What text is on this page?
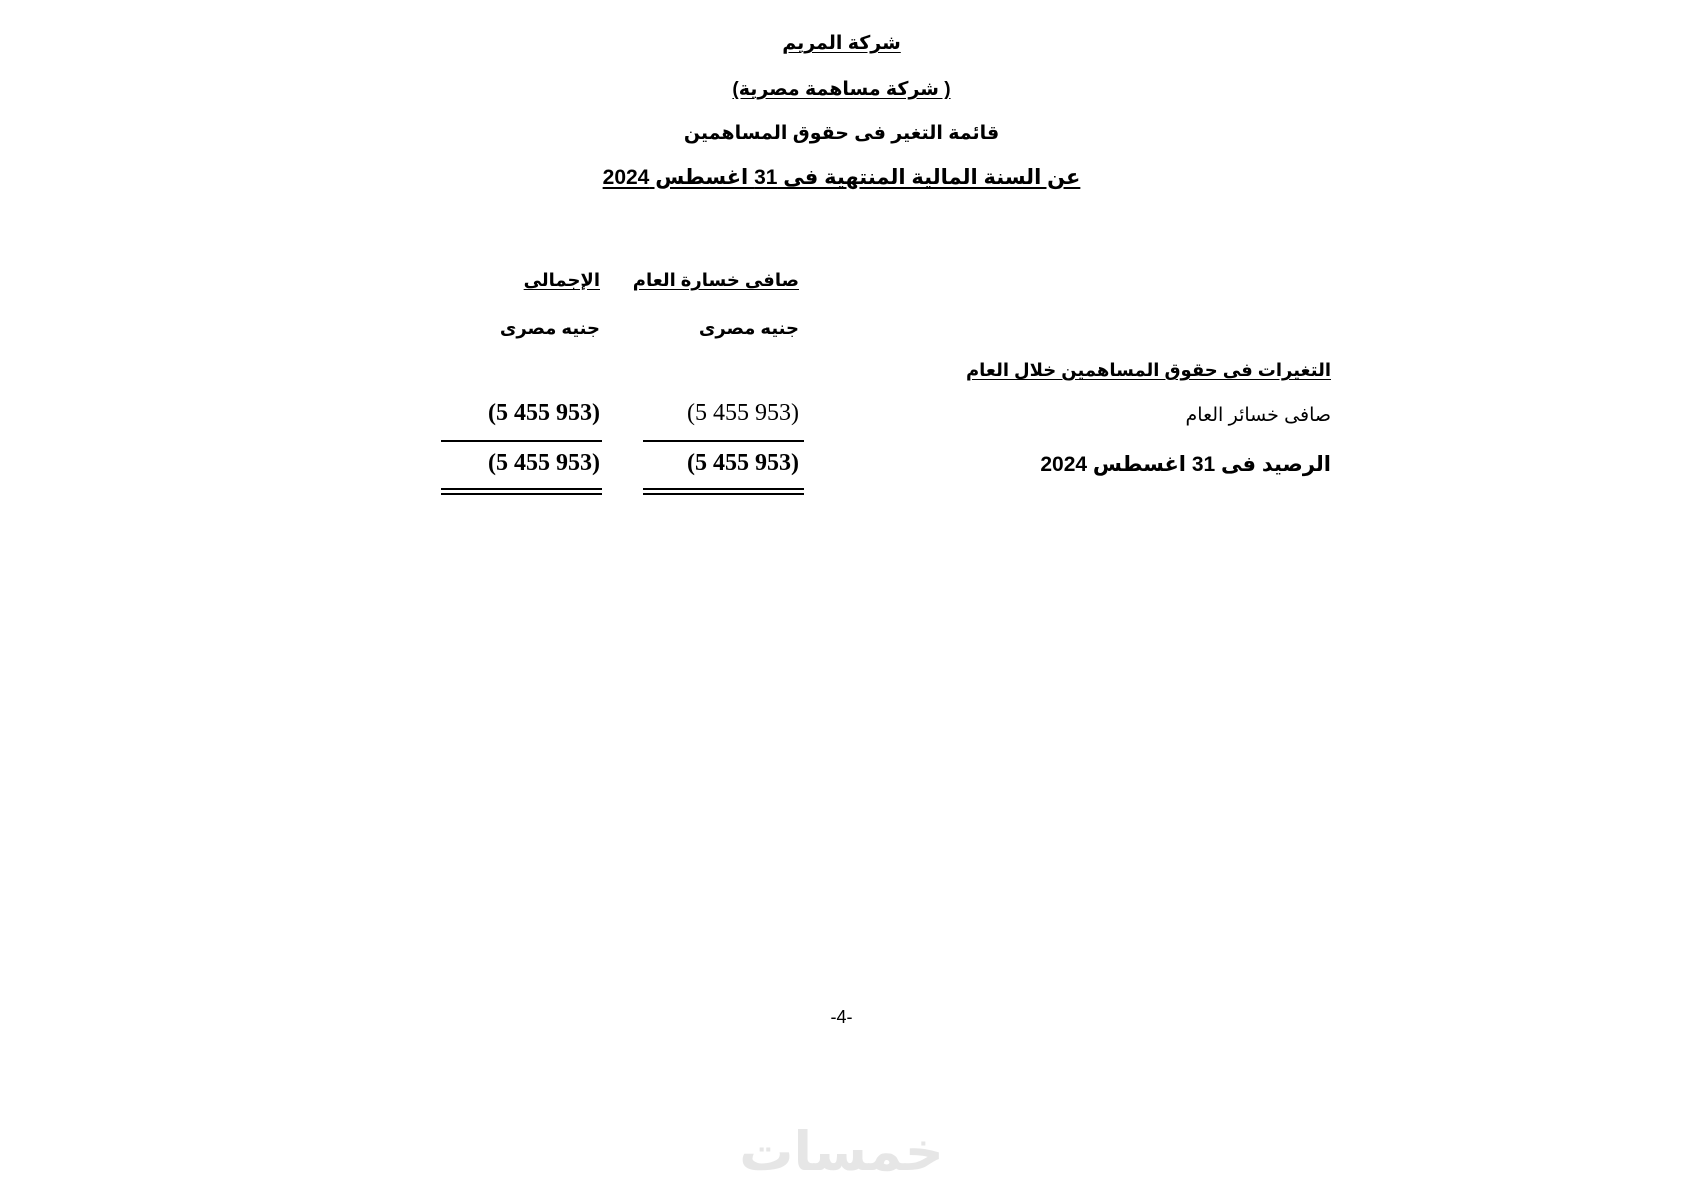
شركة المريم
( شركة مساهمة مصرية)
قائمة التغير فى حقوق المساهمين
عن السنة المالية المنتهية فى 31 اغسطس 2024
صافى خسارة العام
الإجمالى
جنيه مصرى
جنيه مصرى
التغيرات فى حقوق المساهمين خلال العام
صافى خسائر العام
(5 455 953)
(5 455 953)
الرصيد فى 31 اغسطس 2024
(5 455 953)
(5 455 953)
-4-
خمسات
